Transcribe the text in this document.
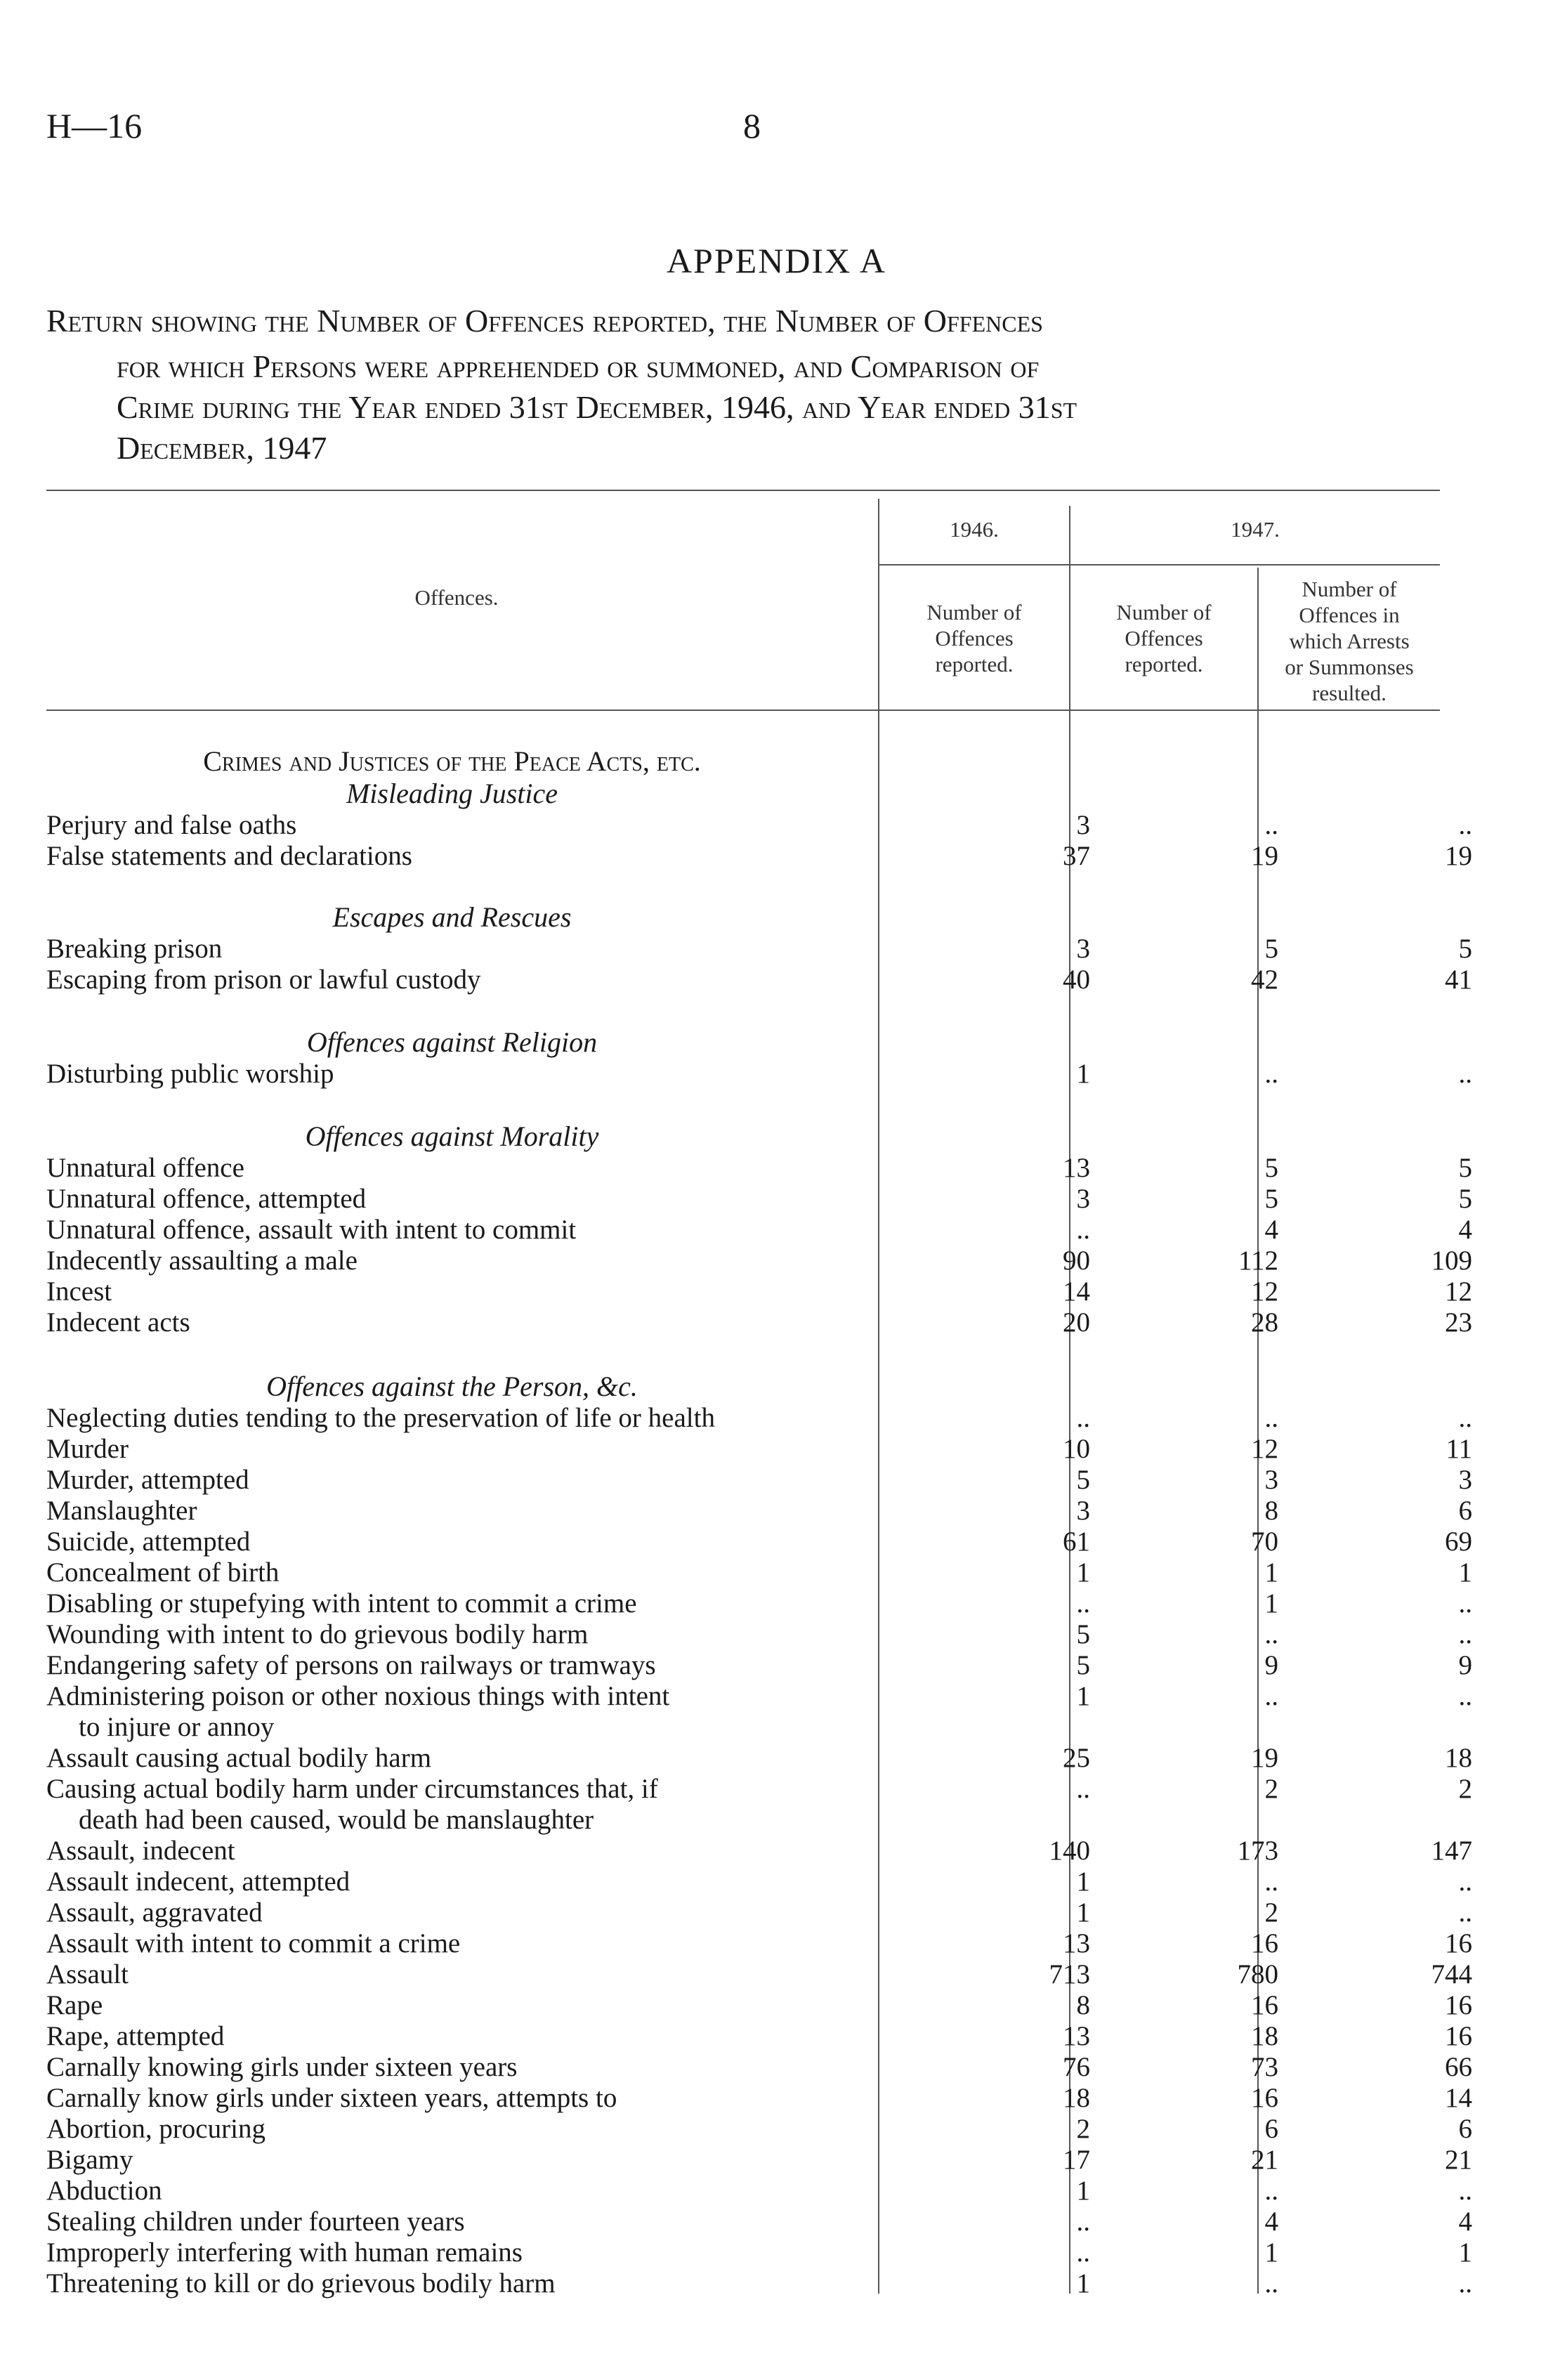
H—16	8
APPENDIX A
Return showing the Number of Offences reported, the Number of Offences
for which Persons were apprehended or summoned, and Comparison of
Crime during the Year ended 31st December, 1946, and Year ended 31st
December, 1947
Offences.
1946.	1947.
Number of
Offences
reported.
Number of
Offences
reported.
Number of
Offences in
which Arrests
or Summonses
resulted.
Crimes and Justices of the Peace Acts, etc.
Misleading Justice
Escapes and Rescues
Offences against Religion
Offences against Morality
Offences against the Person, &c.
Perjury and false oaths .. ..	3	..	..
False statements and declarations .. ..	37	19	19
Breaking prison .. ..	3	5	5
Escaping from prison or lawful custody .. ..	40	42	41
Disturbing public worship .. ..	1	..	..
Unnatural offence .. ..	13	5	5
Unnatural offence, attempted .. ..	3	5	5
Unnatural offence, assault with intent to commit .. ..	..	4	4
Indecently assaulting a male .. ..	90	112	109
Incest .. ..	14	12	12
Indecent acts .. ..	20	28	23
Neglecting duties tending to the preservation of life or health	..	..	..
Murder .. ..	10	12	11
Murder, attempted .. ..	5	3	3
Manslaughter .. ..	3	8	6
Suicide, attempted .. ..	61	70	69
Concealment of birth .. ..	1	1	1
Disabling or stupefying with intent to commit a crime .. ..	..	1	..
Wounding with intent to do grievous bodily harm .. ..	5	..	..
Endangering safety of persons on railways or tramways .. ..	5	9	9
Administering poison or other noxious things with intent
to injure or annoy
1	..	..
Assault causing actual bodily harm .. ..	25	19	18
Causing actual bodily harm under circumstances that, if
death had been caused, would be manslaughter
..	2	2
Assault, indecent .. ..	140	173	147
Assault indecent, attempted .. ..	1	..	..
Assault, aggravated .. ..	1	2	..
Assault with intent to commit a crime .. ..	13	16	16
Assault .. ..	713	780	744
Rape .. ..	8	16	16
Rape, attempted .. ..	13	18	16
Carnally knowing girls under sixteen years .. ..	76	73	66
Carnally know girls under sixteen years, attempts to .. ..	18	16	14
Abortion, procuring .. ..	2	6	6
Bigamy .. ..	17	21	21
Abduction .. ..	1	..	..
Stealing children under fourteen years .. ..	..	4	4
Improperly interfering with human remains .. ..	..	1	1
Threatening to kill or do grievous bodily harm .. ..	1	..	..
